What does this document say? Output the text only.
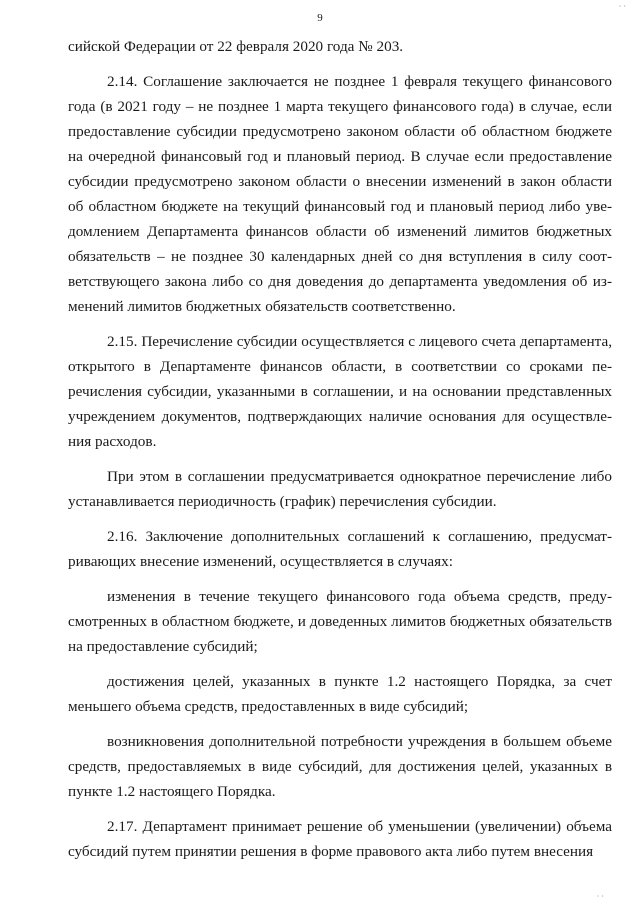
9
· ·

сийской Федерации от 22 февраля 2020 года № 203.

2.14. Соглашение заключается не позднее 1 февраля текущего финансового года (в 2021 году – не позднее 1 марта текущего финансового года) в случае, если предоставление субсидии предусмотрено законом области об областном бюджете на очередной финансовый год и плановый период. В случае если предоставление субсидии предусмотрено законом области о внесении изменений в закон области об областном бюджете на текущий финансовый год и плановый период либо уведомлением Департамента финансов области об изменений лимитов бюджетных обязательств – не позднее 30 календарных дней со дня вступления в силу соответствующего закона либо со дня доведения до департамента уведомления об изменений лимитов бюджетных обязательств соответственно.

2.15. Перечисление субсидии осуществляется с лицевого счета департамента, открытого в Департаменте финансов области, в соответствии со сроками перечисления субсидии, указанными в соглашении, и на основании представленных учреждением документов, подтверждающих наличие основания для осуществления расходов.

При этом в соглашении предусматривается однократное перечисление либо устанавливается периодичность (график) перечисления субсидии.

2.16. Заключение дополнительных соглашений к соглашению, предусматривающих внесение изменений, осуществляется в случаях:

изменения в течение текущего финансового года объема средств, предусмотренных в областном бюджете, и доведенных лимитов бюджетных обязательств на предоставление субсидий;

достижения целей, указанных в пункте 1.2 настоящего Порядка, за счет меньшего объема средств, предоставленных в виде субсидий;

возникновения дополнительной потребности учреждения в большем объеме средств, предоставляемых в виде субсидий, для достижения целей, указанных в пункте 1.2 настоящего Порядка.

2.17. Департамент принимает решение об уменьшении (увеличении) объема субсидий путем принятии решения в форме правового акта либо путем внесения

· ·
